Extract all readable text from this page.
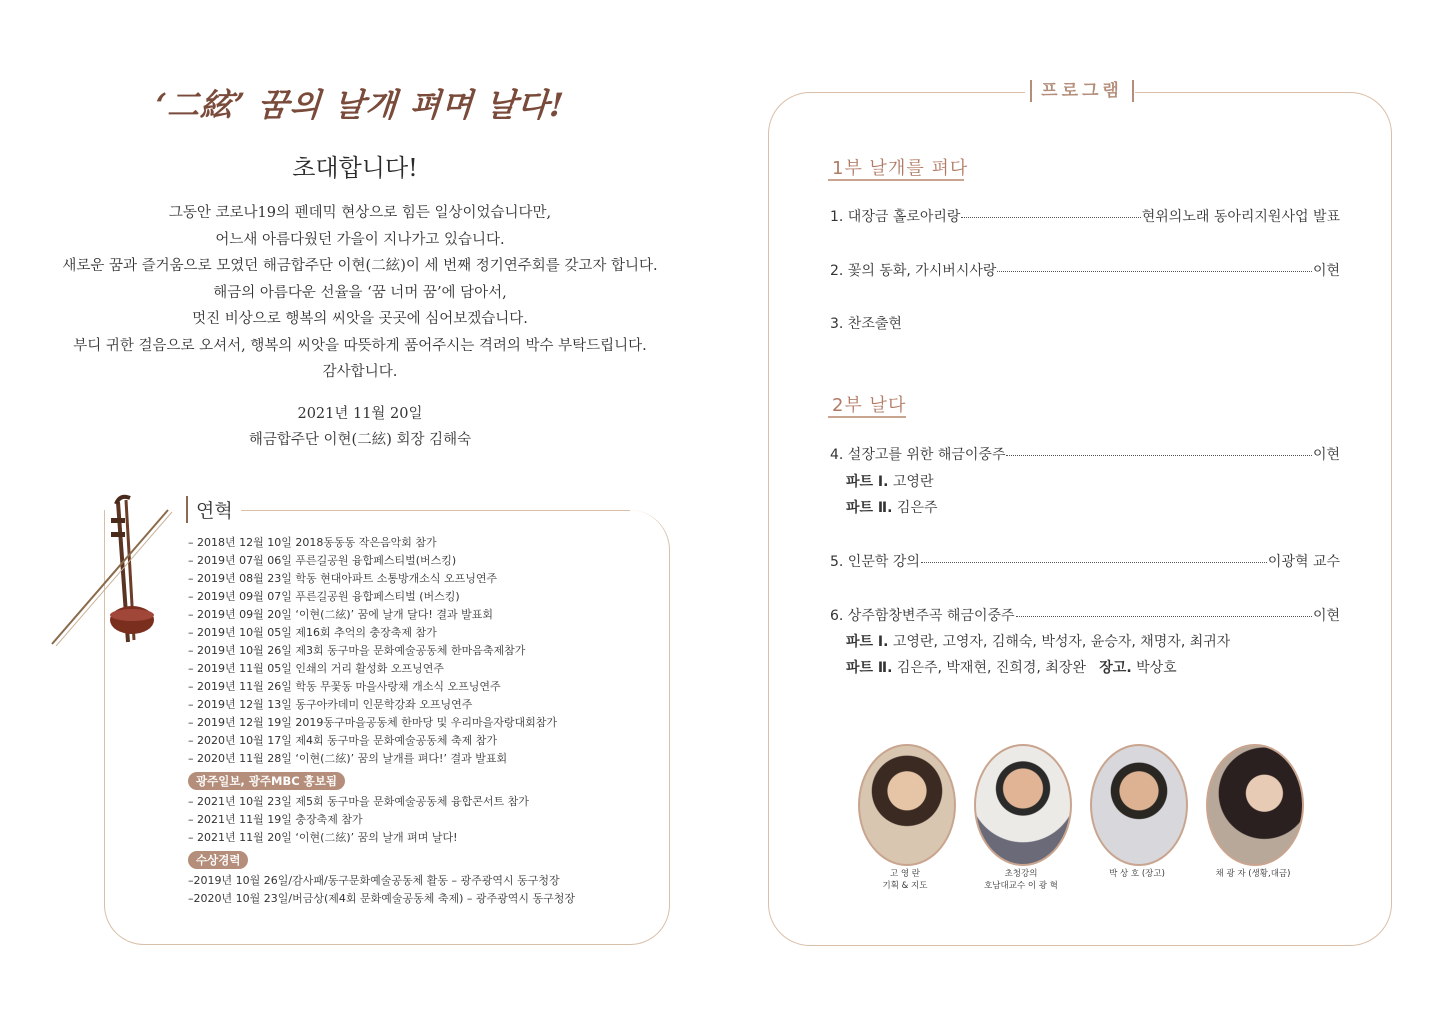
‘二絃’ 꿈의 날개 펴며 날다!
초대합니다!
그동안 코로나19의 펜데믹 현상으로 힘든 일상이었습니다만,
어느새 아름다웠던 가을이 지나가고 있습니다.
새로운 꿈과 즐거움으로 모였던 해금합주단 이현(二絃)이 세 번째 정기연주회를 갖고자 합니다.
해금의 아름다운 선율을 ‘꿈 너머 꿈’에 담아서,
멋진 비상으로 행복의 씨앗을 곳곳에 심어보겠습니다.
부디 귀한 걸음으로 오셔서, 행복의 씨앗을 따뜻하게 품어주시는 격려의 박수 부탁드립니다.
감사합니다.
2021년 11월 20일
해금합주단 이현(二絃) 회장 김해숙
연혁
– 2018년 12월 10일 2018동동동 작은음악회 참가
– 2019년 07월 06일 푸른길공원 융합페스티벌(버스킹)
– 2019년 08월 23일 학동 현대아파트 소통방개소식 오프닝연주
– 2019년 09월 07일 푸른길공원 융합페스티벌 (버스킹)
– 2019년 09월 20일 ‘이현(二絃)’ 꿈에 날개 달다! 결과 발표회
– 2019년 10월 05일 제16회 추억의 충장축제 참가
– 2019년 10월 26일 제3회 동구마을 문화예술공동체 한마음축제참가
– 2019년 11월 05일 인쇄의 거리 활성화 오프닝연주
– 2019년 11월 26일 학동 무꽃동 마을사랑채 개소식 오프닝연주
– 2019년 12월 13일 동구아카데미 인문학강좌 오프닝연주
– 2019년 12월 19일 2019동구마을공동체 한마당 및 우리마을자랑대회참가
– 2020년 10월 17일 제4회 동구마을 문화예술공동체 축제 참가
– 2020년 11월 28일 ‘이현(二絃)’ 꿈의 날개를 펴다!’ 결과 발표회
광주일보, 광주MBC 홍보됨
– 2021년 10월 23일 제5회 동구마을 문화예술공동체 융합콘서트 참가
– 2021년 11월 19일 충장축제 참가
– 2021년 11월 20일 ‘이현(二絃)’ 꿈의 날개 펴며 날다!
수상경력
–2019년 10월 26일/감사패/동구문화예술공동체 활동 – 광주광역시 동구청장
–2020년 10월 23일/버금상(제4회 문화예술공동체 축제) – 광주광역시 동구청장
프로그램
1부 날개를 펴다
1. 대장금 홀로아리랑	현위의노래 동아리지원사업 발표
2. 꽃의 동화, 가시버시사랑	이현
3. 찬조출현
2부 날다
4. 설장고를 위한 해금이중주	이현
파트 Ⅰ. 고영란
파트 Ⅱ. 김은주
5. 인문학 강의	이광혁 교수
6. 상주함창변주곡 해금이중주	이현
파트 Ⅰ. 고영란, 고영자, 김해숙, 박성자, 윤승자, 채명자, 최귀자
파트 Ⅱ. 김은주, 박재현, 진희경, 최장완 장고. 박상호
고 영 란
기획 & 지도
초청강의
호남대교수 이 광 혁
박 상 호 (장고)	채 광 자 (생황,대금)
